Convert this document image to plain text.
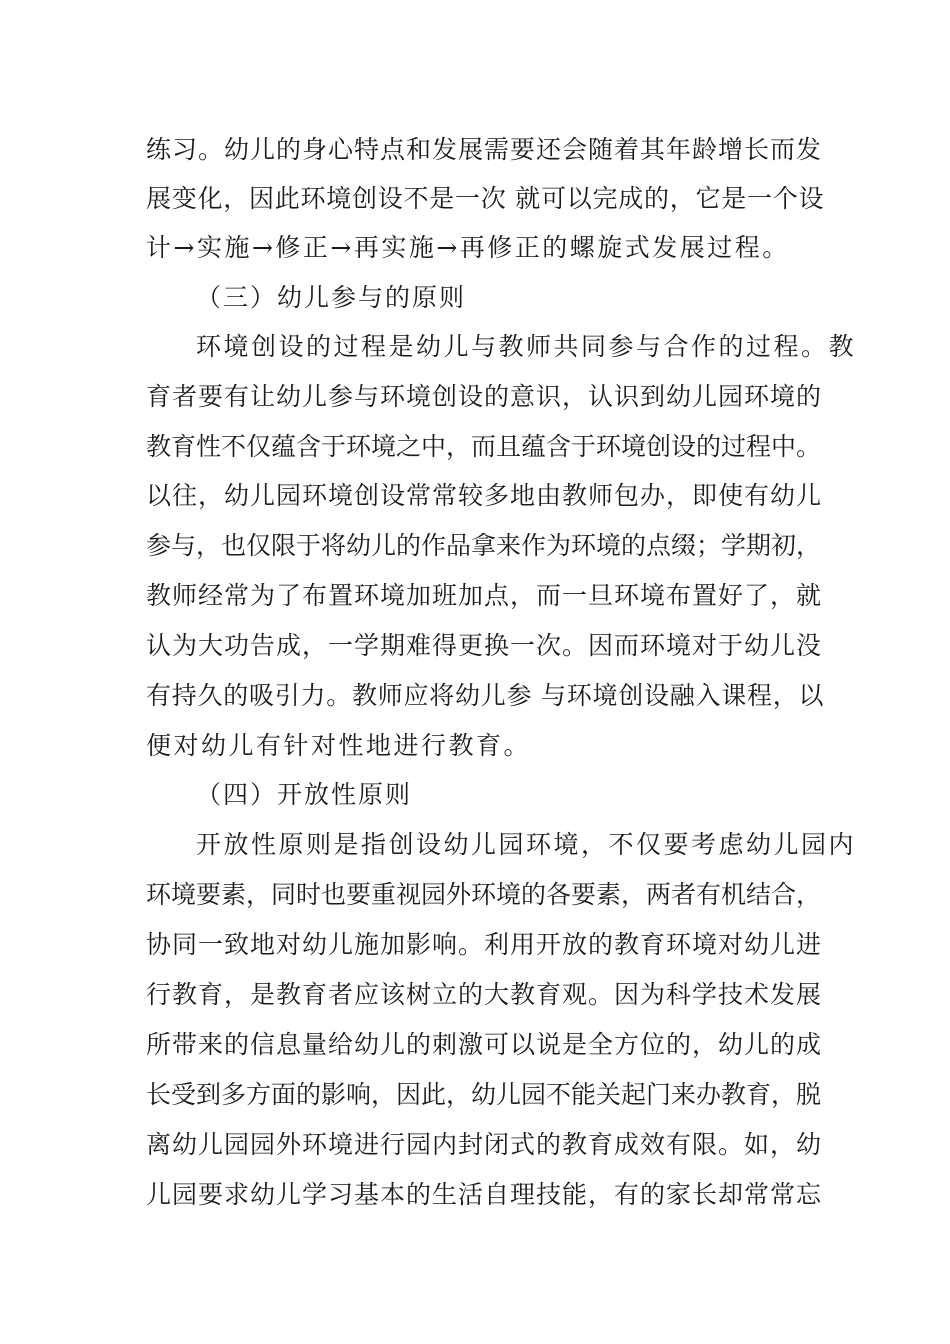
练习。幼儿的身心特点和发展需要还会随着其年龄增长而发
展变化，因此环境创设不是一次 就可以完成的，它是一个设
计→实施→修正→再实施→再修正的螺旋式发展过程。
（三）幼儿参与的原则
环境创设的过程是幼儿与教师共同参与合作的过程。教
育者要有让幼儿参与环境创设的意识，认识到幼儿园环境的
教育性不仅蕴含于环境之中，而且蕴含于环境创设的过程中。
以往，幼儿园环境创设常常较多地由教师包办，即使有幼儿
参与，也仅限于将幼儿的作品拿来作为环境的点缀；学期初，
教师经常为了布置环境加班加点，而一旦环境布置好了，就
认为大功告成，一学期难得更换一次。因而环境对于幼儿没
有持久的吸引力。教师应将幼儿参 与环境创设融入课程，以
便对幼儿有针对性地进行教育。
（四）开放性原则
开放性原则是指创设幼儿园环境，不仅要考虑幼儿园内
环境要素，同时也要重视园外环境的各要素，两者有机结合，
协同一致地对幼儿施加影响。利用开放的教育环境对幼儿进
行教育，是教育者应该树立的大教育观。因为科学技术发展
所带来的信息量给幼儿的刺激可以说是全方位的，幼儿的成
长受到多方面的影响，因此，幼儿园不能关起门来办教育，脱
离幼儿园园外环境进行园内封闭式的教育成效有限。如，幼
儿园要求幼儿学习基本的生活自理技能，有的家长却常常忘
